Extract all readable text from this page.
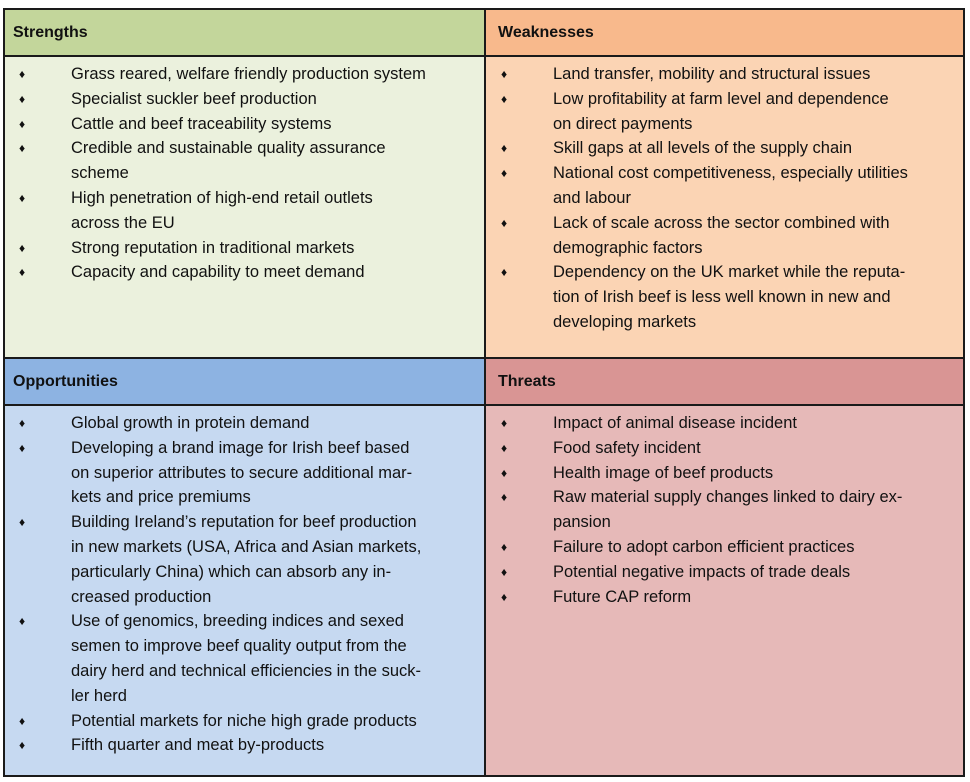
Strengths
♦	Grass reared, welfare friendly production system
♦	Specialist suckler beef production
♦	Cattle and beef traceability systems
♦	Credible and sustainable quality assurance
scheme
♦	High penetration of high-end retail outlets
across the EU
♦	Strong reputation in traditional markets
♦	Capacity and capability to meet demand
Weaknesses
♦	Land transfer, mobility and structural issues
♦	Low profitability at farm level and dependence
on direct payments
♦	Skill gaps at all levels of the supply chain
♦	National cost competitiveness, especially utilities
and labour
♦	Lack of scale across the sector combined with
demographic factors
♦	Dependency on the UK market while the reputa-
tion of Irish beef is less well known in new and
developing markets
Opportunities
♦	Global growth in protein demand
♦	Developing a brand image for Irish beef based
on superior attributes to secure additional mar-
kets and price premiums
♦	Building Ireland’s reputation for beef production
in new markets (USA, Africa and Asian markets,
particularly China) which can absorb any in-
creased production
♦	Use of genomics, breeding indices and sexed
semen to improve beef quality output from the
dairy herd and technical efficiencies in the suck-
ler herd
♦	Potential markets for niche high grade products
♦	Fifth quarter and meat by-products
Threats
♦	Impact of animal disease incident
♦	Food safety incident
♦	Health image of beef products
♦	Raw material supply changes linked to dairy ex-
pansion
♦	Failure to adopt carbon efficient practices
♦	Potential negative impacts of trade deals
♦	Future CAP reform
